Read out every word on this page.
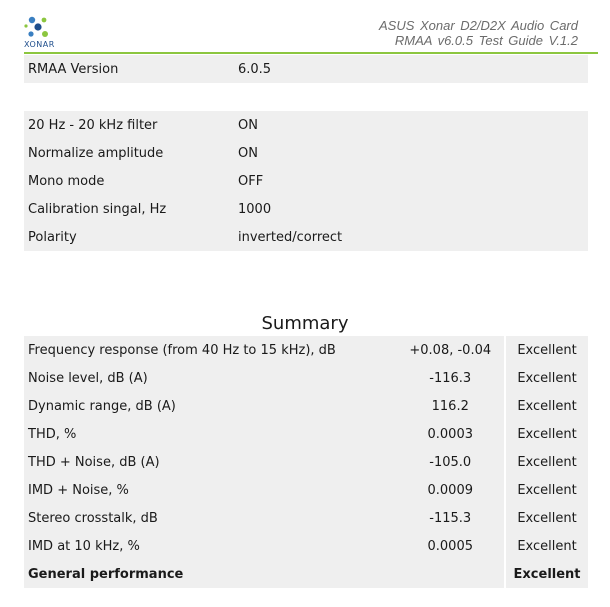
XONAR
ASUS Xonar D2/D2X Audio Card
RMAA v6.0.5 Test Guide V.1.2
RMAA Version	6.0.5
20 Hz - 20 kHz filter	ON
Normalize amplitude	ON
Mono mode	OFF
Calibration singal, Hz	1000
Polarity	inverted/correct
Summary
Frequency response (from 40 Hz to 15 kHz), dB	+0.08, -0.04	Excellent
Noise level, dB (A)	-116.3	Excellent
Dynamic range, dB (A)	116.2	Excellent
THD, %	0.0003	Excellent
THD + Noise, dB (A)	-105.0	Excellent
IMD + Noise, %	0.0009	Excellent
Stereo crosstalk, dB	-115.3	Excellent
IMD at 10 kHz, %	0.0005	Excellent
General performance		Excellent
